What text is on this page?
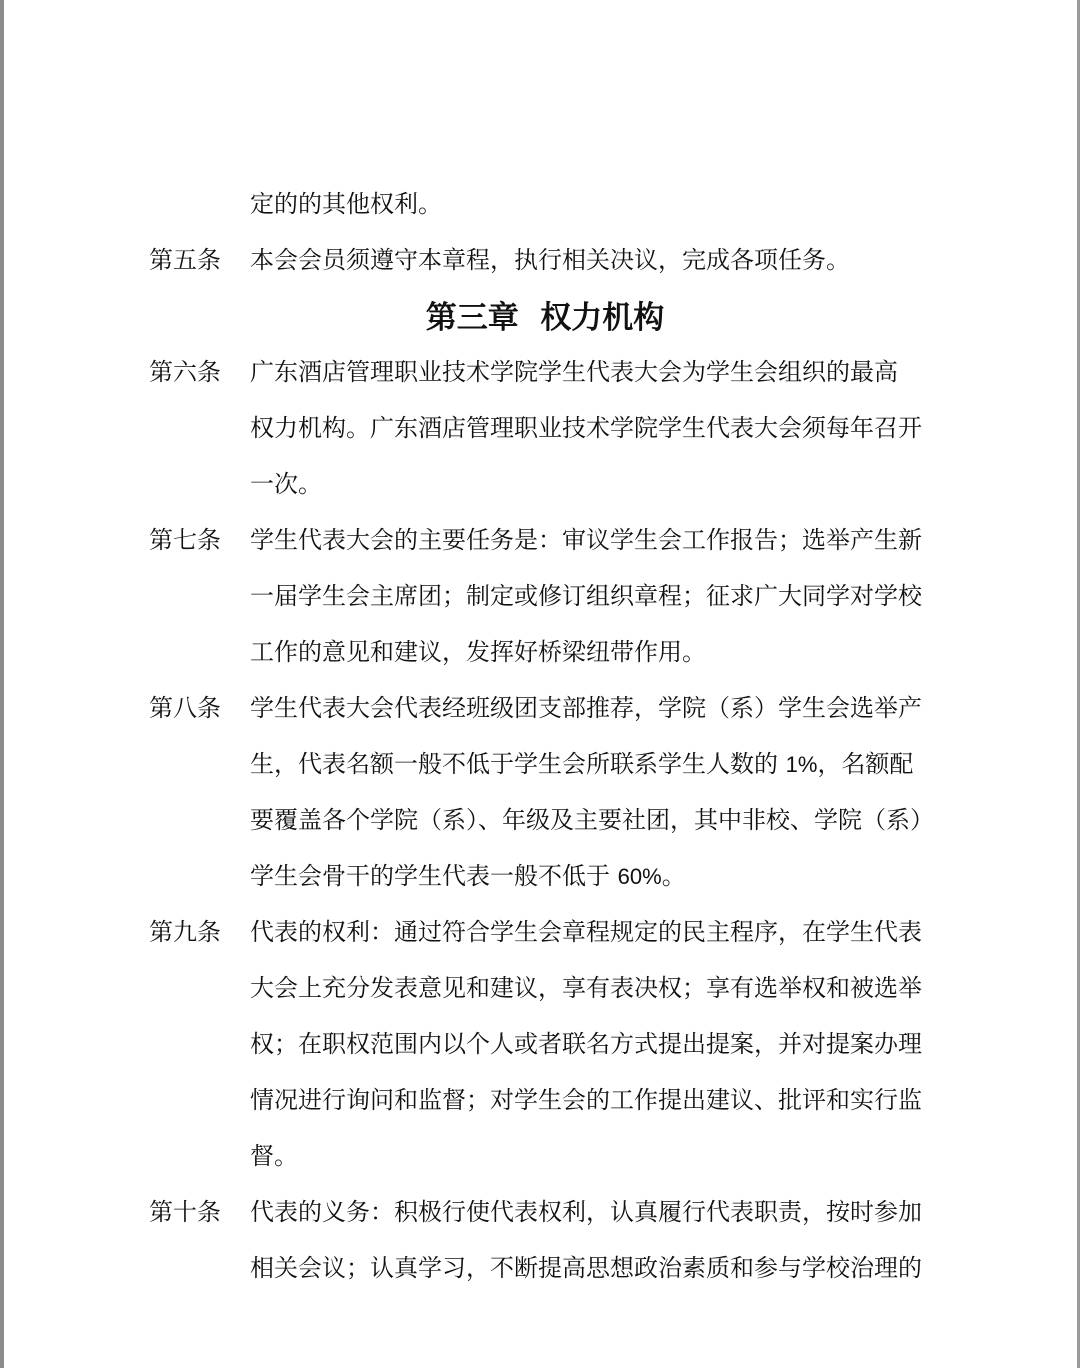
定的的其他权利。
第五条 本会会员须遵守本章程，执行相关决议，完成各项任务。
第三章  权力机构
第六条 广东酒店管理职业技术学院学生代表大会为学生会组织的最高
权力机构。广东酒店管理职业技术学院学生代表大会须每年召开
一次。
第七条 学生代表大会的主要任务是：审议学生会工作报告；选举产生新
一届学生会主席团；制定或修订组织章程；征求广大同学对学校
工作的意见和建议，发挥好桥梁纽带作用。
第八条 学生代表大会代表经班级团支部推荐，学院（系）学生会选举产
生，代表名额一般不低于学生会所联系学生人数的 1%，名额配
要覆盖各个学院（系）、年级及主要社团，其中非校、学院（系）
学生会骨干的学生代表一般不低于 60%。
第九条 代表的权利：通过符合学生会章程规定的民主程序，在学生代表
大会上充分发表意见和建议，享有表决权；享有选举权和被选举
权；在职权范围内以个人或者联名方式提出提案，并对提案办理
情况进行询问和监督；对学生会的工作提出建议、批评和实行监
督。
第十条 代表的义务：积极行使代表权利，认真履行代表职责，按时参加
相关会议；认真学习，不断提高思想政治素质和参与学校治理的
